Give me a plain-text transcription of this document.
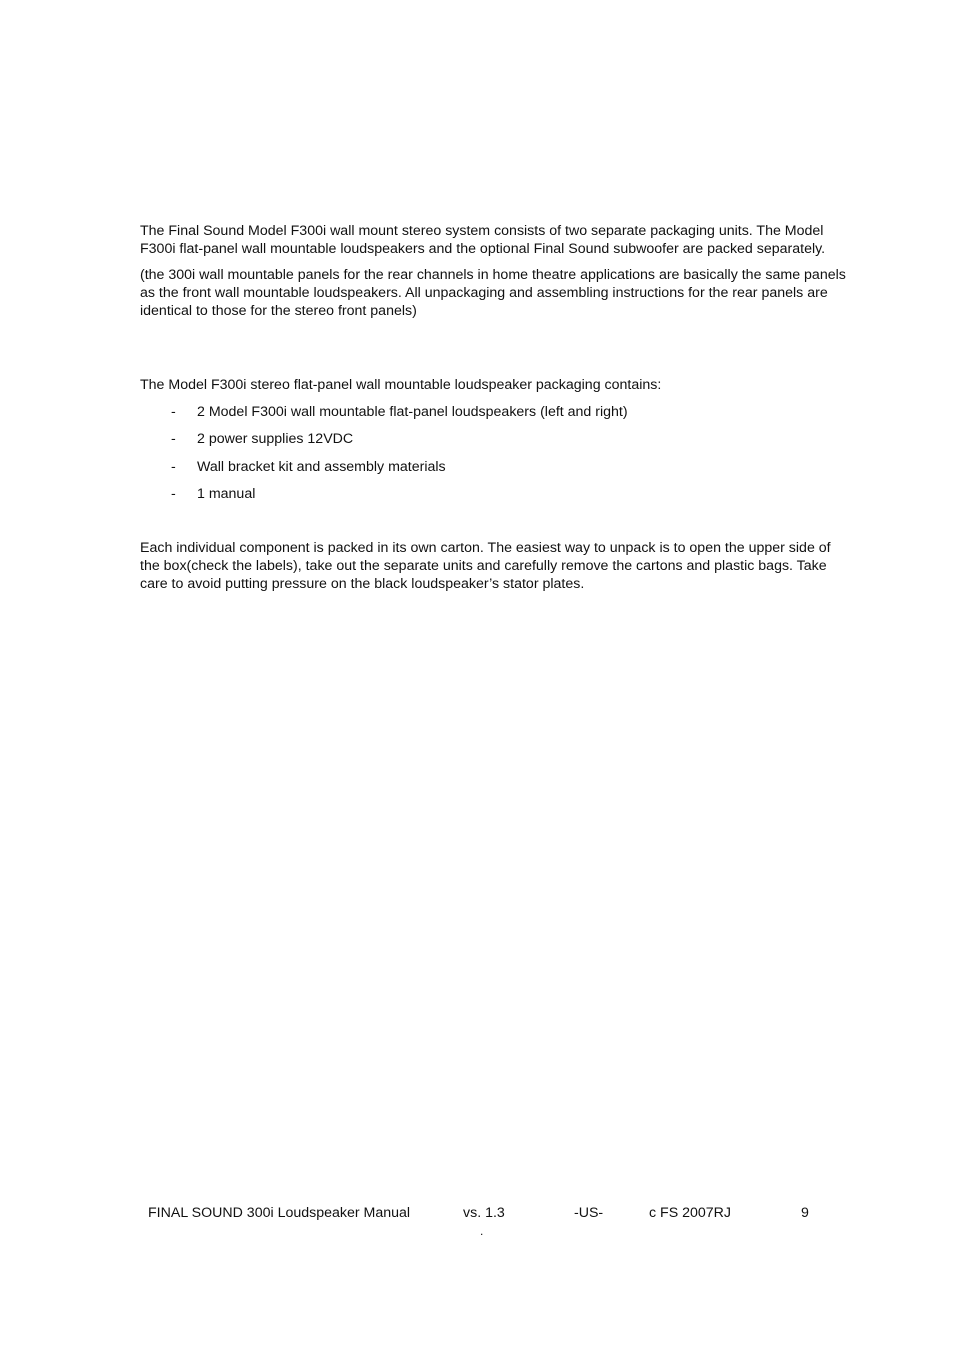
The Final Sound Model F300i wall mount stereo system consists of two separate packaging units. The Model F300i flat-panel wall mountable loudspeakers and the optional Final Sound subwoofer are packed separately.

(the 300i wall mountable panels for the rear channels in home theatre applications are basically the same panels as the front wall mountable loudspeakers. All unpackaging and assembling instructions for the rear panels are identical to those for the stereo front panels)

The Model F300i stereo flat-panel wall mountable loudspeaker packaging contains:

- 2 Model F300i wall mountable flat-panel loudspeakers (left and right)
- 2 power supplies 12VDC
- Wall bracket kit and assembly materials
- 1 manual

Each individual component is packed in its own carton. The easiest way to unpack is to open the upper side of the box(check the labels), take out the separate units and carefully remove the cartons and plastic bags. Take care to avoid putting pressure on the black loudspeaker’s stator plates.

FINAL SOUND 300i Loudspeaker Manual	vs. 1.3	-US-	c FS 2007RJ	9
.
